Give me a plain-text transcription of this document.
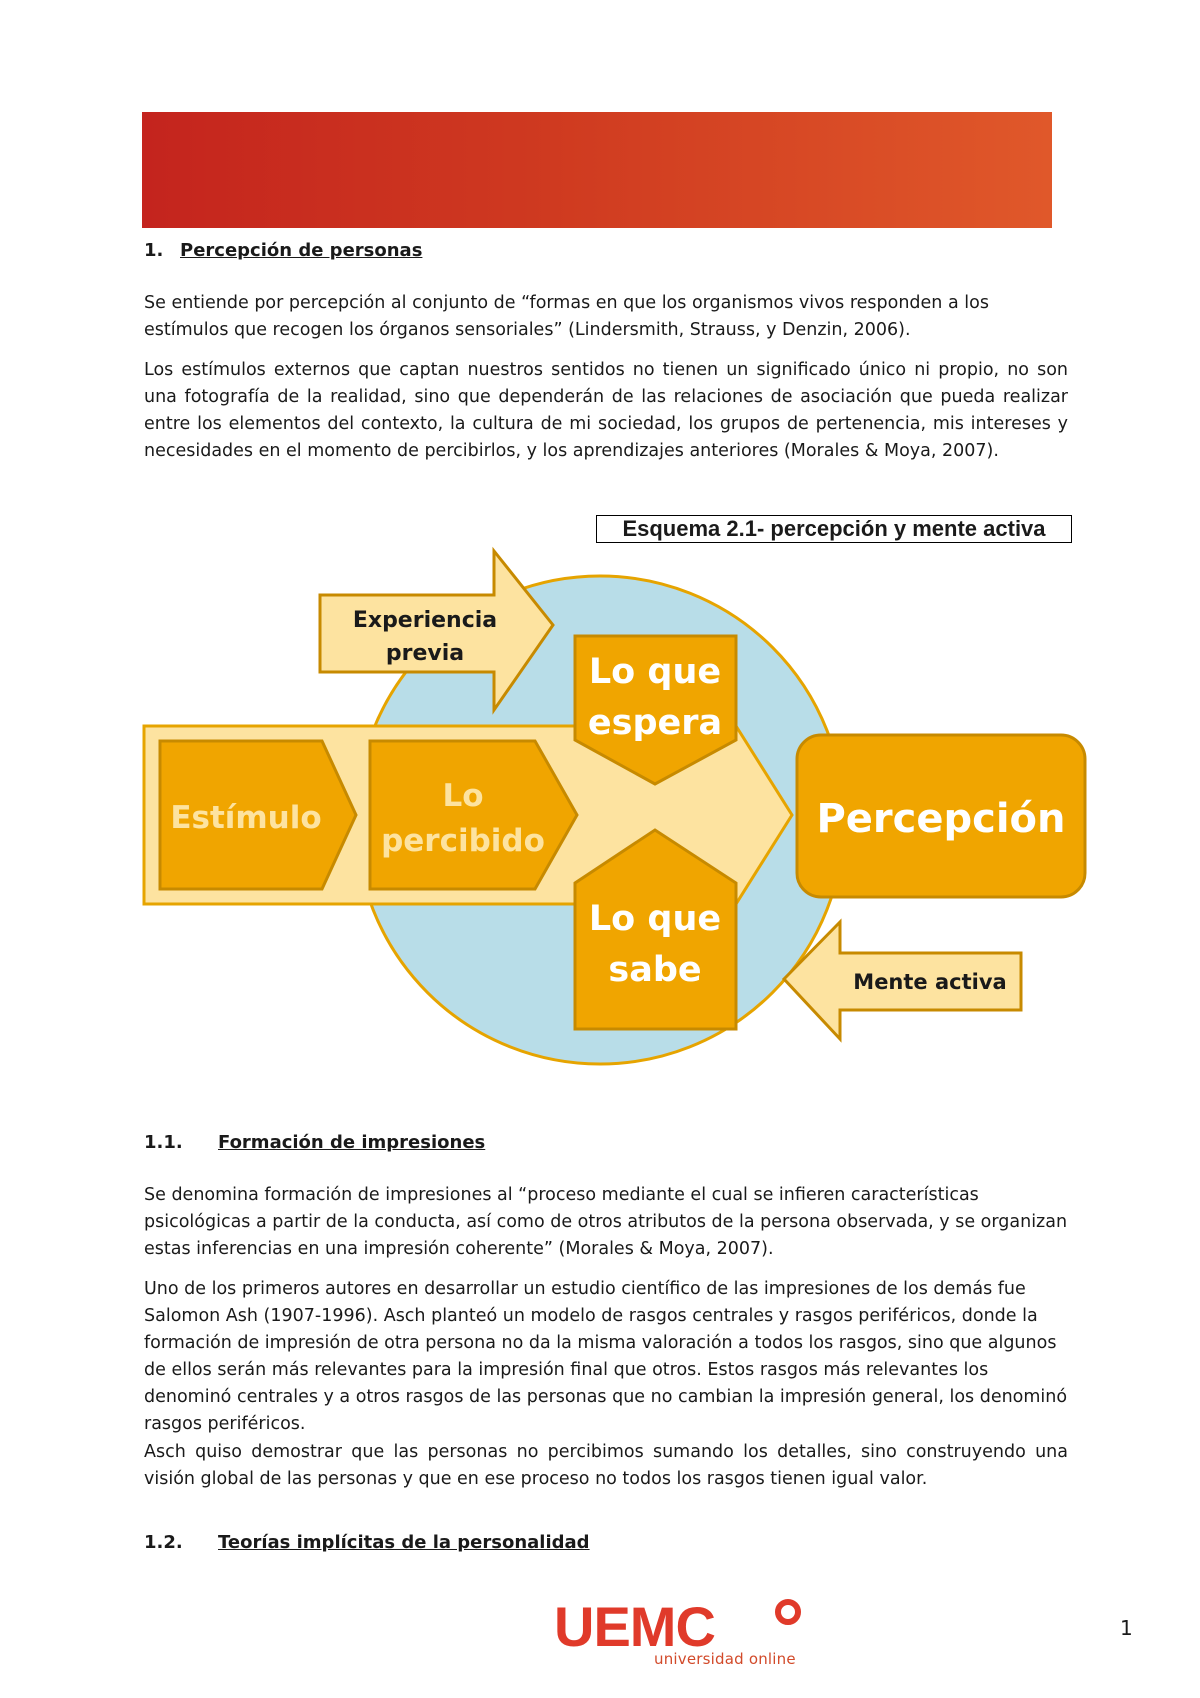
1. Percepción de personas

Se entiende por percepción al conjunto de “formas en que los organismos vivos responden a los estímulos que recogen los órganos sensoriales” (Lindersmith, Strauss, y Denzin, 2006).

Los estímulos externos que captan nuestros sentidos no tienen un significado único ni propio, no son una fotografía de la realidad, sino que dependerán de las relaciones de asociación que pueda realizar entre los elementos del contexto, la cultura de mi sociedad, los grupos de pertenencia, mis intereses y necesidades en el momento de percibirlos, y los aprendizajes anteriores (Morales & Moya, 2007).

Esquema 2.1- percepción y mente activa
Experiencia
previa	Lo que
espera
Estímulo
Lo
percibido
Lo que
sabe
Percepción
Mente activa
1.1. Formación de impresiones

Se denomina formación de impresiones al “proceso mediante el cual se infieren características psicológicas a partir de la conducta, así como de otros atributos de la persona observada, y se organizan estas inferencias en una impresión coherente” (Morales & Moya, 2007).

Uno de los primeros autores en desarrollar un estudio científico de las impresiones de los demás fue Salomon Ash (1907-1996). Asch planteó un modelo de rasgos centrales y rasgos periféricos, donde la formación de impresión de otra persona no da la misma valoración a todos los rasgos, sino que algunos de ellos serán más relevantes para la impresión final que otros. Estos rasgos más relevantes los denominó centrales y a otros rasgos de las personas que no cambian la impresión general, los denominó rasgos periféricos.

Asch quiso demostrar que las personas no percibimos sumando los detalles, sino construyendo una visión global de las personas y que en ese proceso no todos los rasgos tienen igual valor.

1.2. Teorías implícitas de la personalidad
UEMC
universidad online
1
